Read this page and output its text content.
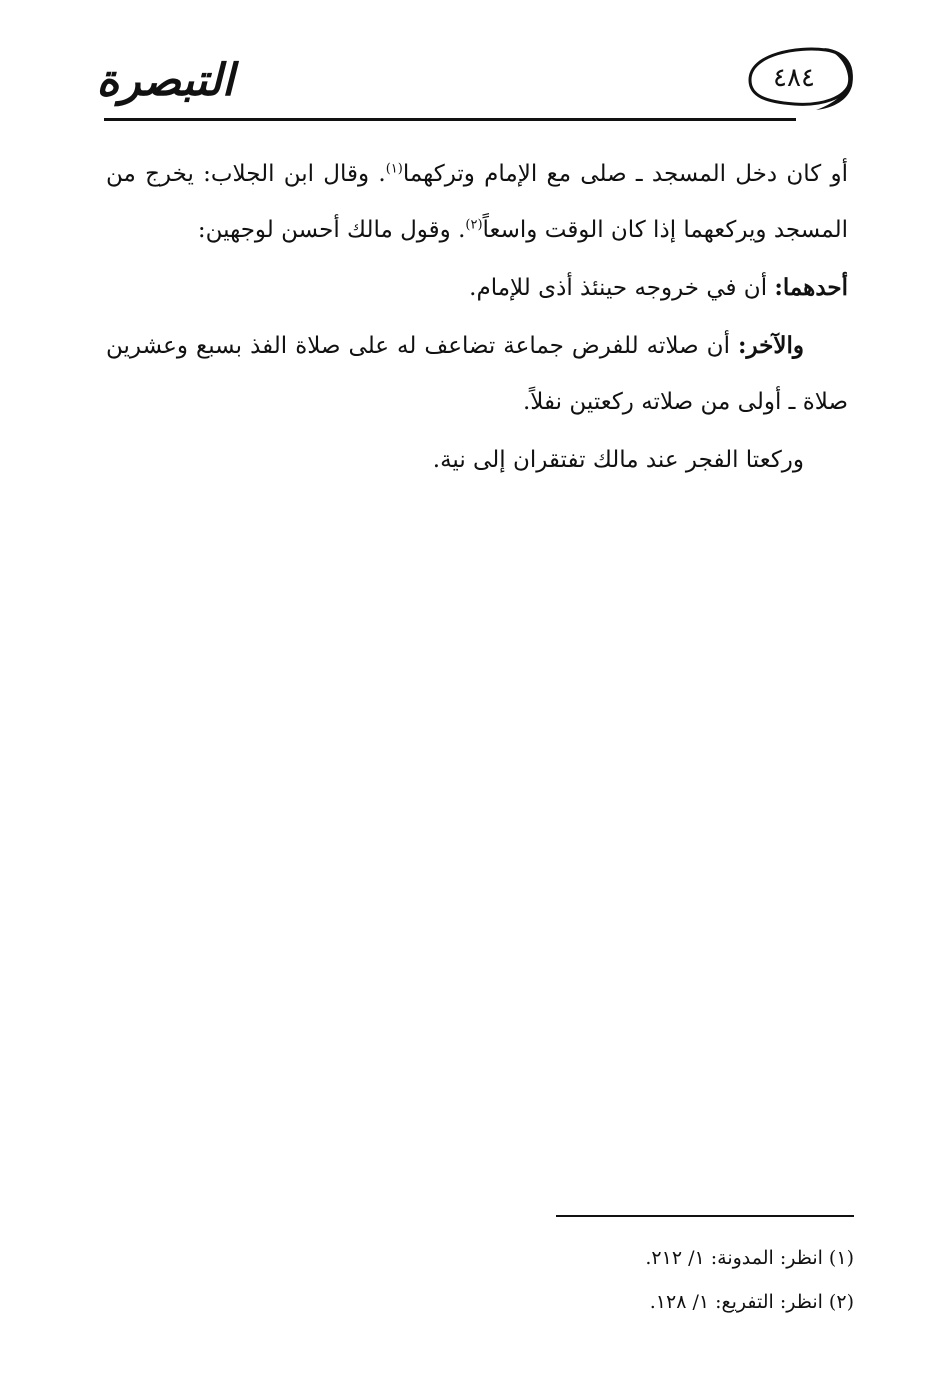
التبصرة	٤٨٤

أو كان دخل المسجد ـ صلى مع الإمام وتركهما$^{(١)}$. وقال ابن الجلاب: يخرج من المسجد ويركعهما إذا كان الوقت واسعاً$^{(٢)}$. وقول مالك أحسن لوجهين:

أحدهما: أن في خروجه حينئذ أذى للإمام.

والآخر: أن صلاته للفرض جماعة تضاعف له على صلاة الفذ بسبع وعشرين صلاة ـ أولى من صلاته ركعتين نفلاً.

وركعتا الفجر عند مالك تفتقران إلى نية.

(١) انظر: المدونة: ١/ ٢١٢.

(٢) انظر: التفريع: ١/ ١٢٨.
